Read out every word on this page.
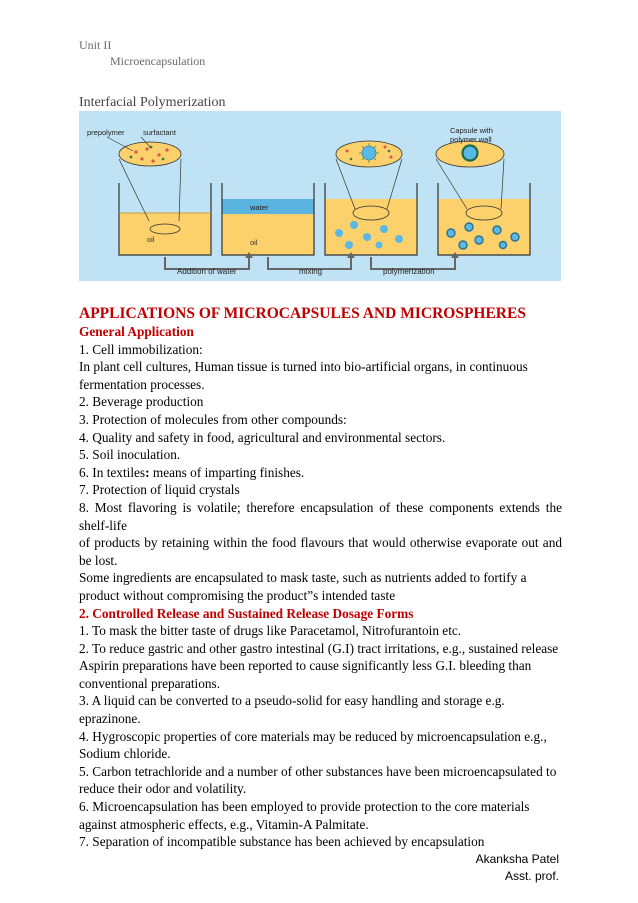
Unit II
Microencapsulation
Interfacial Polymerization
oil
water
oil
prepolymer surfactant	Capsule with
polymer wall
Addition of water	mixing	polymerization

APPLICATIONS OF MICROCAPSULES AND MICROSPHERES

General Application

1. Cell immobilization:

In plant cell cultures, Human tissue is turned into bio-artificial organs, in continuous fermentation processes.

2. Beverage production

3. Protection of molecules from other compounds:

4. Quality and safety in food, agricultural and environmental sectors.

5. Soil inoculation.

6. In textiles: means of imparting finishes.

7. Protection of liquid crystals

8. Most flavoring is volatile; therefore encapsulation of these components extends the shelf-life

of products by retaining within the food flavours that would otherwise evaporate out and be lost.

Some ingredients are encapsulated to mask taste, such as nutrients added to fortify a product without compromising the product”s intended taste

2. Controlled Release and Sustained Release Dosage Forms

1. To mask the bitter taste of drugs like Paracetamol, Nitrofurantoin etc.

2. To reduce gastric and other gastro intestinal (G.I) tract irritations, e.g., sustained release Aspirin preparations have been reported to cause significantly less G.I. bleeding than conventional preparations.

3. A liquid can be converted to a pseudo-solid for easy handling and storage e.g. eprazinone.

4. Hygroscopic properties of core materials may be reduced by microencapsulation e.g., Sodium chloride.

5. Carbon tetrachloride and a number of other substances have been microencapsulated to reduce their odor and volatility.

6. Microencapsulation has been employed to provide protection to the core materials against atmospheric effects, e.g., Vitamin-A Palmitate.

7. Separation of incompatible substance has been achieved by encapsulation

Akanksha Patel
Asst. prof.
